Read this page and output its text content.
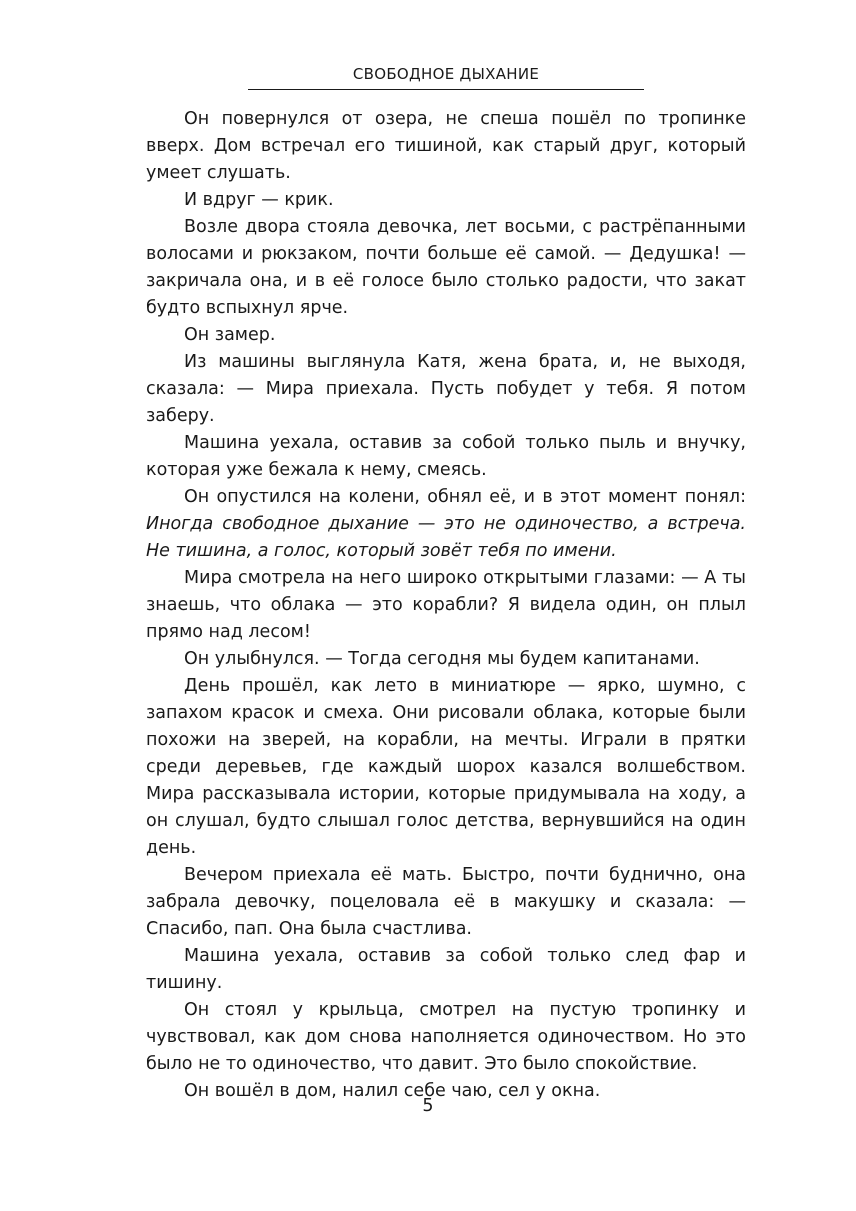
СВОБОДНОЕ ДЫХАНИЕ

Он повернулся от озера, не спеша пошёл по тропинке вверх. Дом встречал его тишиной, как старый друг, который умеет слушать.

И вдруг — крик.

Возле двора стояла девочка, лет восьми, с растрёпанными волосами и рюкзаком, почти больше её самой. — Дедушка! — закричала она, и в её голосе было столько радости, что закат будто вспыхнул ярче.

Он замер.

Из машины выглянула Катя, жена брата, и, не выходя, сказала: — Мира приехала. Пусть побудет у тебя. Я потом заберу.

Машина уехала, оставив за собой только пыль и внучку, которая уже бежала к нему, смеясь.

Он опустился на колени, обнял её, и в этот момент понял: Иногда свободное дыхание — это не одиночество, а встреча. Не тишина, а голос, который зовёт тебя по имени.

Мира смотрела на него широко открытыми глазами: — А ты знаешь, что облака — это корабли? Я видела один, он плыл прямо над лесом!

Он улыбнулся. — Тогда сегодня мы будем капитанами.

День прошёл, как лето в миниатюре — ярко, шумно, с запахом красок и смеха. Они рисовали облака, которые были похожи на зверей, на корабли, на мечты. Играли в прятки среди деревьев, где каждый шорох казался волшебством. Мира рассказывала истории, которые придумывала на ходу, а он слушал, будто слышал голос детства, вернувшийся на один день.

Вечером приехала её мать. Быстро, почти буднично, она забрала девочку, поцеловала её в макушку и сказала: — Спасибо, пап. Она была счастлива.

Машина уехала, оставив за собой только след фар и тишину.

Он стоял у крыльца, смотрел на пустую тропинку и чувствовал, как дом снова наполняется одиночеством. Но это было не то одиночество, что давит. Это было спокойствие.

Он вошёл в дом, налил себе чаю, сел у окна.

5
